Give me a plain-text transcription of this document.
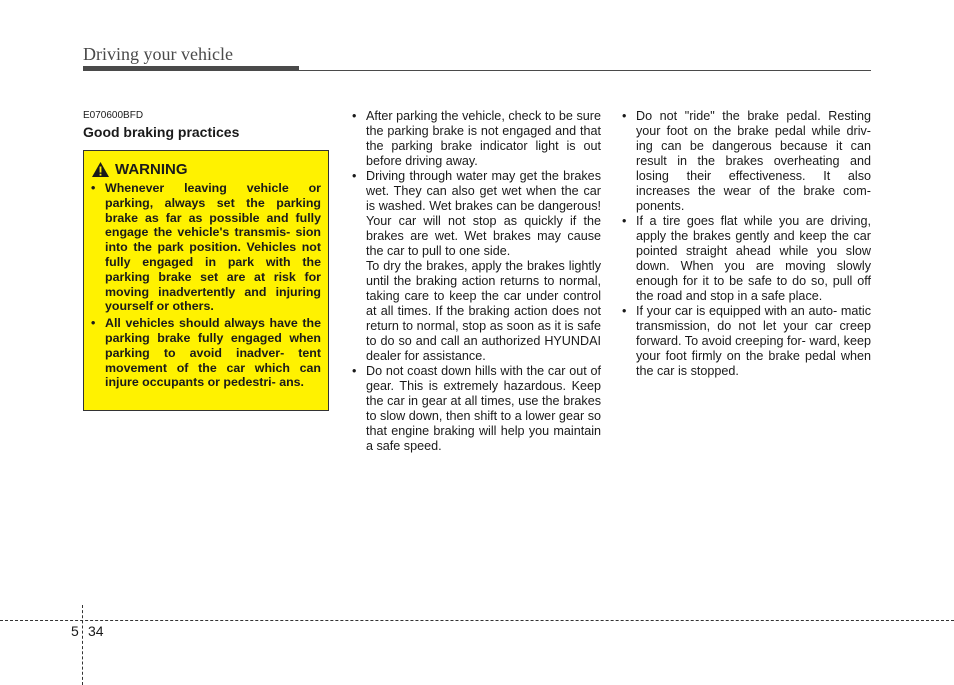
Driving your vehicle
E070600BFD
Good braking practices
WARNING
• Whenever leaving vehicle or parking, always set the parking brake as far as possible and fully engage the vehicle's transmis- sion into the park position. Vehicles not fully engaged in park with the parking brake set are at risk for moving inadvertently and injuring yourself or others.
• All vehicles should always have the parking brake fully engaged when parking to avoid inadver- tent movement of the car which can injure occupants or pedestri- ans.

• After parking the vehicle, check to be sure the parking brake is not engaged and that the parking brake indicator light is out before driving away.

• Driving through water may get the brakes wet. They can also get wet when the car is washed. Wet brakes can be dangerous! Your car will not stop as quickly if the brakes are wet. Wet brakes may cause the car to pull to one side.

To dry the brakes, apply the brakes lightly until the braking action returns to normal, taking care to keep the car under control at all times. If the braking action does not return to normal, stop as soon as it is safe to do so and call an authorized HYUNDAI dealer for assistance.

• Do not coast down hills with the car out of gear. This is extremely hazardous. Keep the car in gear at all times, use the brakes to slow down, then shift to a lower gear so that engine braking will help you maintain a safe speed.

• Do not "ride" the brake pedal. Resting your foot on the brake pedal while driv- ing can be dangerous because it can result in the brakes overheating and losing their effectiveness. It also increases the wear of the brake com- ponents.

• If a tire goes flat while you are driving, apply the brakes gently and keep the car pointed straight ahead while you slow down. When you are moving slowly enough for it to be safe to do so, pull off the road and stop in a safe place.

• If your car is equipped with an auto- matic transmission, do not let your car creep forward. To avoid creeping for- ward, keep your foot firmly on the brake pedal when the car is stopped.

5 34
